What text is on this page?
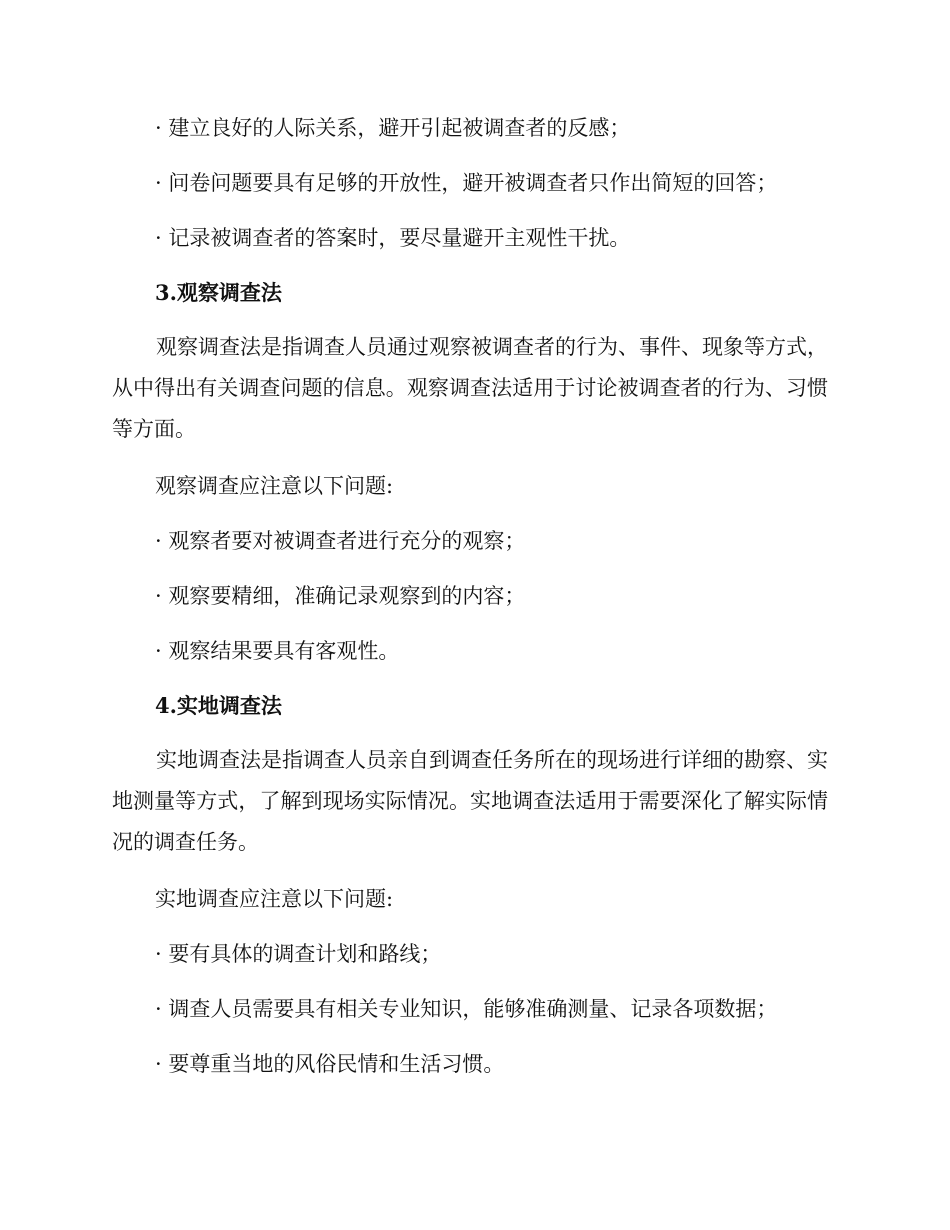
· 建立良好的人际关系，避开引起被调查者的反感；
· 问卷问题要具有足够的开放性，避开被调查者只作出简短的回答；
· 记录被调查者的答案时，要尽量避开主观性干扰。
3.观察调查法
观察调查法是指调查人员通过观察被调查者的行为、事件、现象等方式，从中得出有关调查问题的信息。观察调查法适用于讨论被调查者的行为、习惯等方面。
观察调查应注意以下问题:
· 观察者要对被调查者进行充分的观察；
· 观察要精细，准确记录观察到的内容；
· 观察结果要具有客观性。
4.实地调查法
实地调查法是指调查人员亲自到调查任务所在的现场进行详细的勘察、实地测量等方式，了解到现场实际情况。实地调查法适用于需要深化了解实际情况的调查任务。
实地调查应注意以下问题:
· 要有具体的调查计划和路线；
· 调查人员需要具有相关专业知识，能够准确测量、记录各项数据；
· 要尊重当地的风俗民情和生活习惯。
